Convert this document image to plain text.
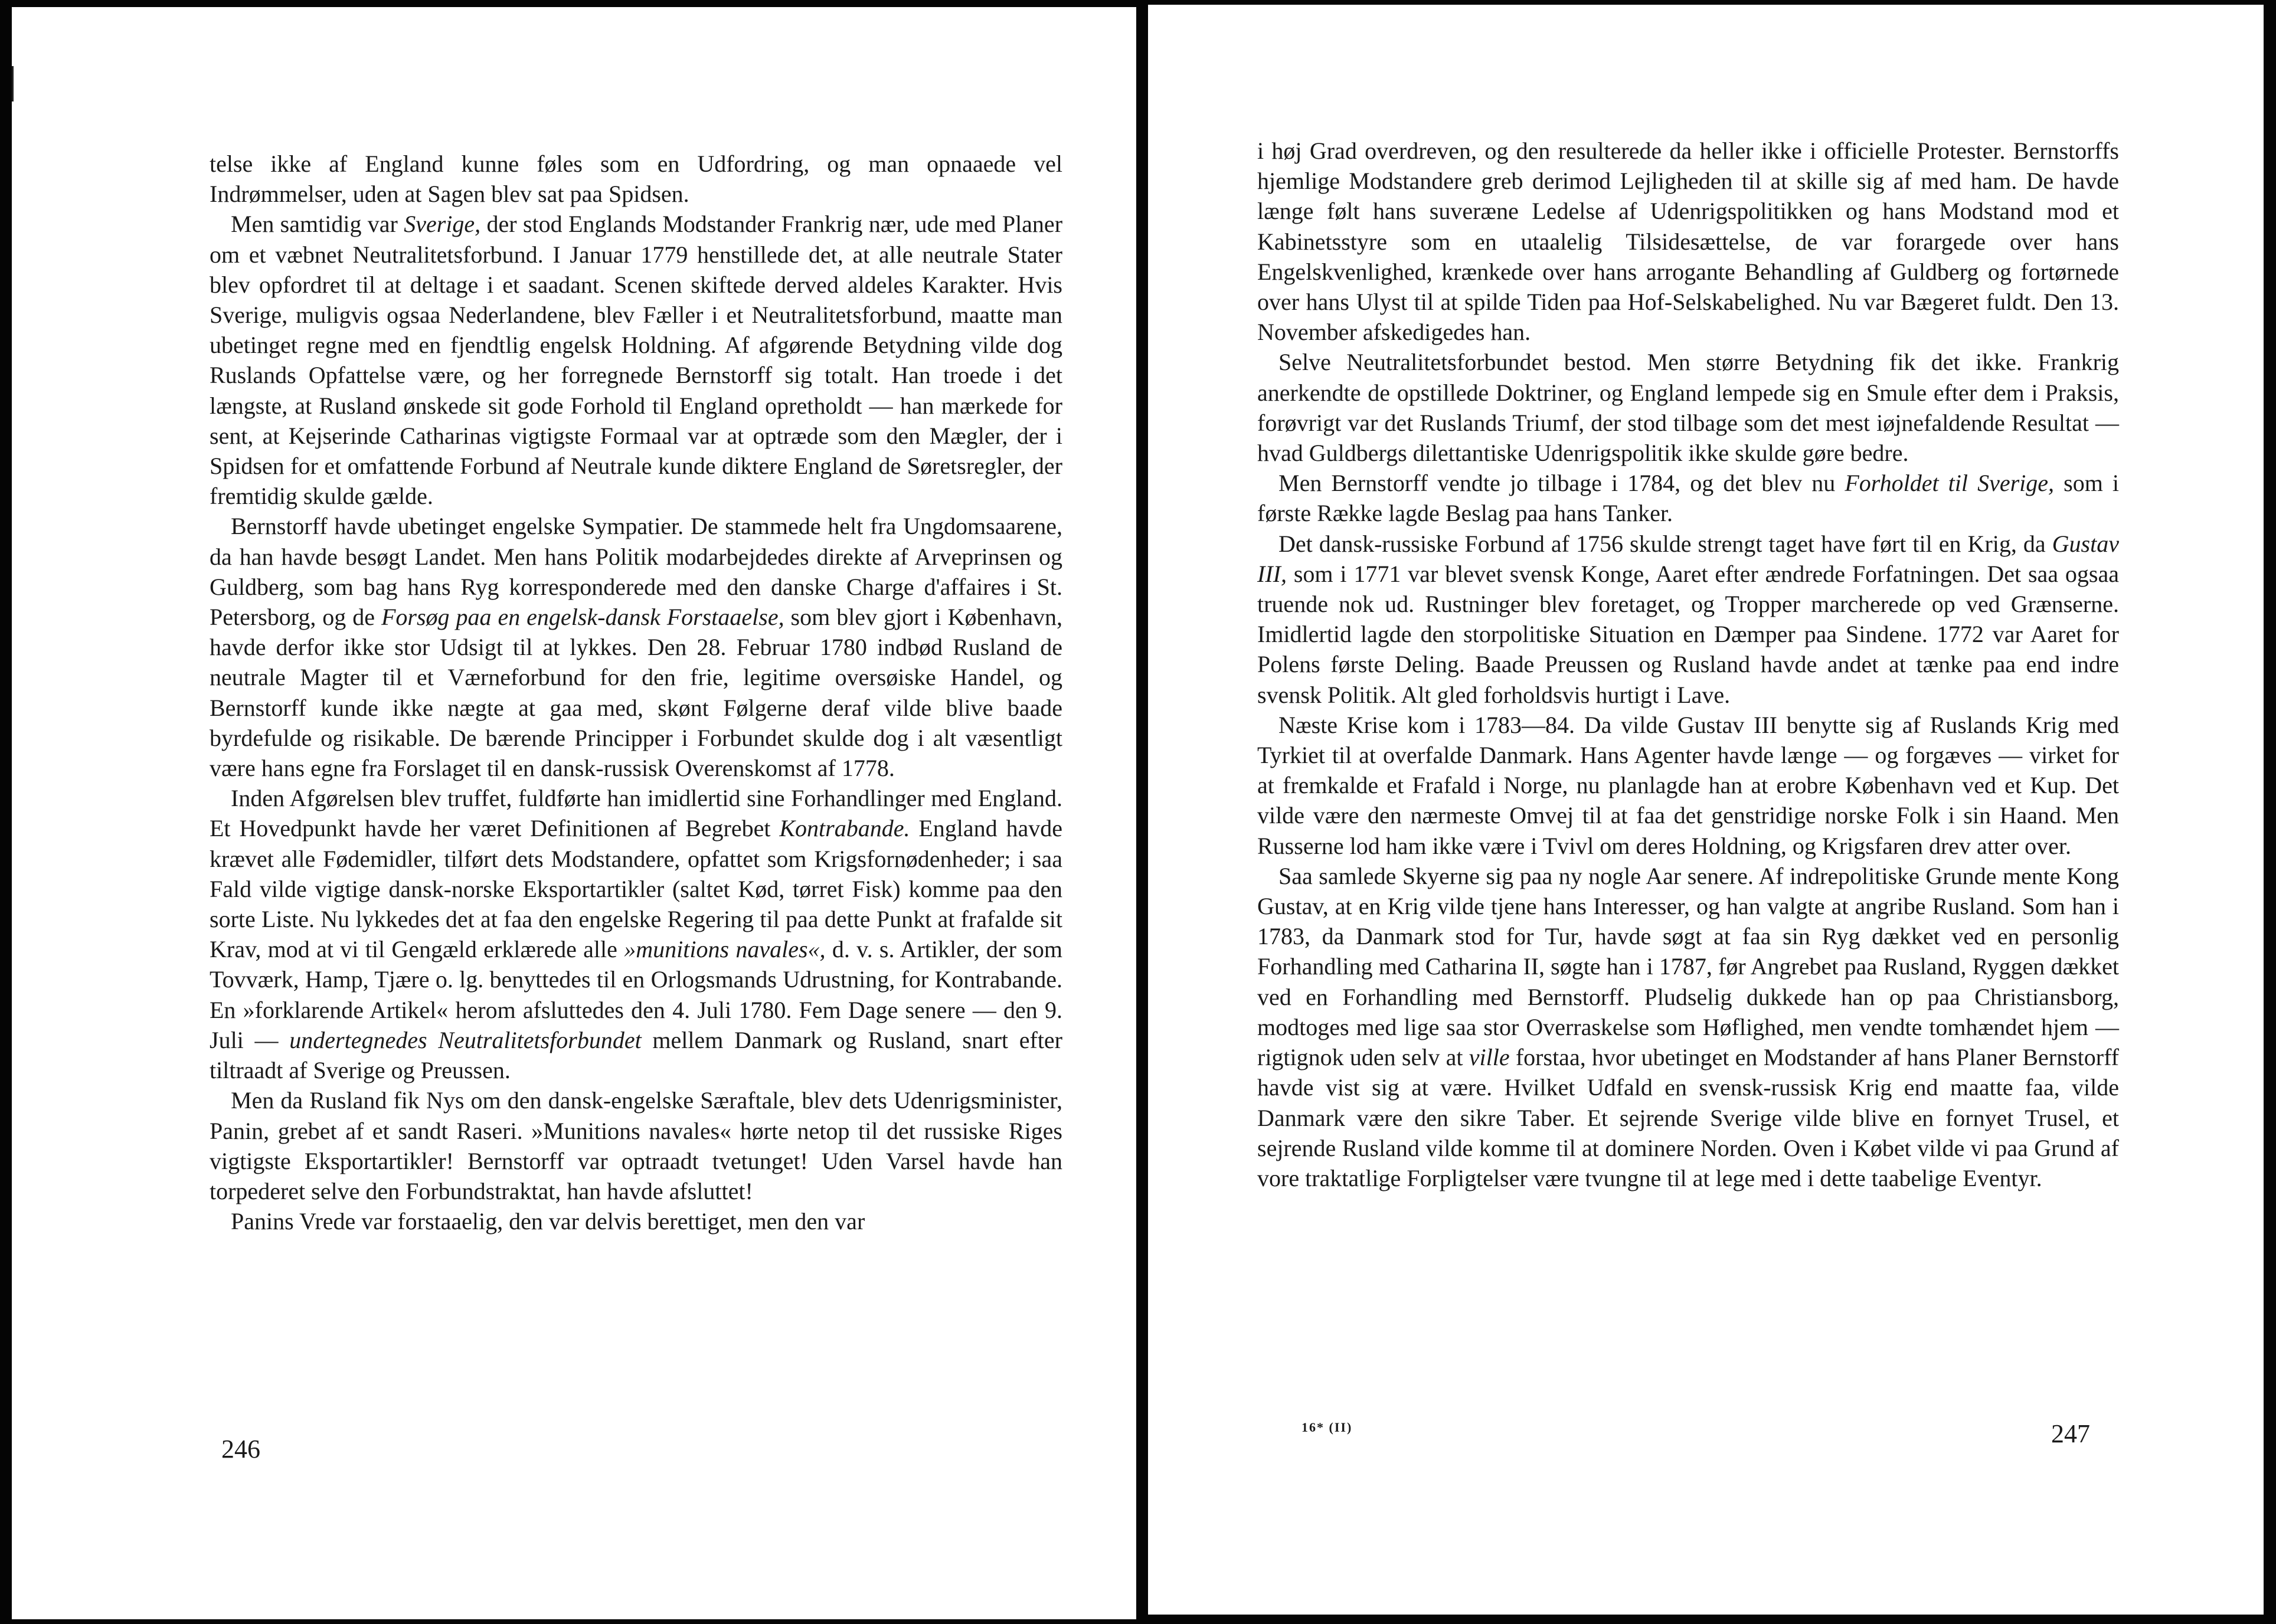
telse ikke af England kunne føles som en Udfordring, og man opnaaede vel Indrømmelser, uden at Sagen blev sat paa Spidsen.

Men samtidig var Sverige, der stod Englands Modstander Frankrig nær, ude med Planer om et væbnet Neutralitetsforbund. I Januar 1779 henstillede det, at alle neutrale Stater blev opfordret til at deltage i et saadant. Scenen skiftede derved aldeles Karakter. Hvis Sverige, muligvis ogsaa Nederlandene, blev Fæller i et Neutralitetsforbund, maatte man ubetinget regne med en fjendtlig engelsk Holdning. Af afgørende Betydning vilde dog Ruslands Opfattelse være, og her forregnede Bernstorff sig totalt. Han troede i det længste, at Rusland ønskede sit gode Forhold til England opretholdt — han mærkede for sent, at Kejserinde Catharinas vigtigste Formaal var at optræde som den Mægler, der i Spidsen for et omfattende Forbund af Neutrale kunde diktere England de Søretsregler, der fremtidig skulde gælde.

Bernstorff havde ubetinget engelske Sympatier. De stammede helt fra Ungdomsaarene, da han havde besøgt Landet. Men hans Politik modarbejdedes direkte af Arveprinsen og Guldberg, som bag hans Ryg korresponderede med den danske Charge d'affaires i St. Petersborg, og de Forsøg paa en engelsk-dansk Forstaaelse, som blev gjort i København, havde derfor ikke stor Udsigt til at lykkes. Den 28. Februar 1780 indbød Rusland de neutrale Magter til et Værneforbund for den frie, legitime oversøiske Handel, og Bernstorff kunde ikke nægte at gaa med, skønt Følgerne deraf vilde blive baade byrdefulde og risikable. De bærende Principper i Forbundet skulde dog i alt væsentligt være hans egne fra Forslaget til en dansk-russisk Overenskomst af 1778.

Inden Afgørelsen blev truffet, fuldførte han imidlertid sine Forhandlinger med England. Et Hovedpunkt havde her været Definitionen af Begrebet Kontrabande. England havde krævet alle Fødemidler, tilført dets Modstandere, opfattet som Krigsfornødenheder; i saa Fald vilde vigtige dansk-norske Eksportartikler (saltet Kød, tørret Fisk) komme paa den sorte Liste. Nu lykkedes det at faa den engelske Regering til paa dette Punkt at frafalde sit Krav, mod at vi til Gengæld erklærede alle »munitions navales«, d. v. s. Artikler, der som Tovværk, Hamp, Tjære o. lg. benyttedes til en Orlogsmands Udrustning, for Kontrabande. En »forklarende Artikel« herom afsluttedes den 4. Juli 1780. Fem Dage senere — den 9. Juli — undertegnedes Neutralitetsforbundet mellem Danmark og Rusland, snart efter tiltraadt af Sverige og Preussen.

Men da Rusland fik Nys om den dansk-engelske Særaftale, blev dets Udenrigsminister, Panin, grebet af et sandt Raseri. »Munitions navales« hørte netop til det russiske Riges vigtigste Eksportartikler! Bernstorff var optraadt tvetunget! Uden Varsel havde han torpederet selve den Forbundstraktat, han havde afsluttet!

Panins Vrede var forstaaelig, den var delvis berettiget, men den var

246

i høj Grad overdreven, og den resulterede da heller ikke i officielle Protester. Bernstorffs hjemlige Modstandere greb derimod Lejligheden til at skille sig af med ham. De havde længe følt hans suveræne Ledelse af Udenrigspolitikken og hans Modstand mod et Kabinetsstyre som en utaalelig Tilsidesættelse, de var forargede over hans Engelskvenlighed, krænkede over hans arrogante Behandling af Guldberg og fortørnede over hans Ulyst til at spilde Tiden paa Hof-Selskabelighed. Nu var Bægeret fuldt. Den 13. November afskedigedes han.

Selve Neutralitetsforbundet bestod. Men større Betydning fik det ikke. Frankrig anerkendte de opstillede Doktriner, og England lempede sig en Smule efter dem i Praksis, forøvrigt var det Ruslands Triumf, der stod tilbage som det mest iøjnefaldende Resultat — hvad Guldbergs dilettantiske Udenrigspolitik ikke skulde gøre bedre.

Men Bernstorff vendte jo tilbage i 1784, og det blev nu Forholdet til Sverige, som i første Række lagde Beslag paa hans Tanker.

Det dansk-russiske Forbund af 1756 skulde strengt taget have ført til en Krig, da Gustav III, som i 1771 var blevet svensk Konge, Aaret efter ændrede Forfatningen. Det saa ogsaa truende nok ud. Rustninger blev foretaget, og Tropper marcherede op ved Grænserne. Imidlertid lagde den storpolitiske Situation en Dæmper paa Sindene. 1772 var Aaret for Polens første Deling. Baade Preussen og Rusland havde andet at tænke paa end indre svensk Politik. Alt gled forholdsvis hurtigt i Lave.

Næste Krise kom i 1783—84. Da vilde Gustav III benytte sig af Ruslands Krig med Tyrkiet til at overfalde Danmark. Hans Agenter havde længe — og forgæves — virket for at fremkalde et Frafald i Norge, nu planlagde han at erobre København ved et Kup. Det vilde være den nærmeste Omvej til at faa det genstridige norske Folk i sin Haand. Men Russerne lod ham ikke være i Tvivl om deres Holdning, og Krigsfaren drev atter over.

Saa samlede Skyerne sig paa ny nogle Aar senere. Af indrepolitiske Grunde mente Kong Gustav, at en Krig vilde tjene hans Interesser, og han valgte at angribe Rusland. Som han i 1783, da Danmark stod for Tur, havde søgt at faa sin Ryg dækket ved en personlig Forhandling med Catharina II, søgte han i 1787, før Angrebet paa Rusland, Ryggen dækket ved en Forhandling med Bernstorff. Pludselig dukkede han op paa Christiansborg, modtoges med lige saa stor Overraskelse som Høflighed, men vendte tomhændet hjem — rigtignok uden selv at ville forstaa, hvor ubetinget en Modstander af hans Planer Bernstorff havde vist sig at være. Hvilket Udfald en svensk-russisk Krig end maatte faa, vilde Danmark være den sikre Taber. Et sejrende Sverige vilde blive en fornyet Trusel, et sejrende Rusland vilde komme til at dominere Norden. Oven i Købet vilde vi paa Grund af vore traktatlige Forpligtelser være tvungne til at lege med i dette taabelige Eventyr.

16* (II)	247
